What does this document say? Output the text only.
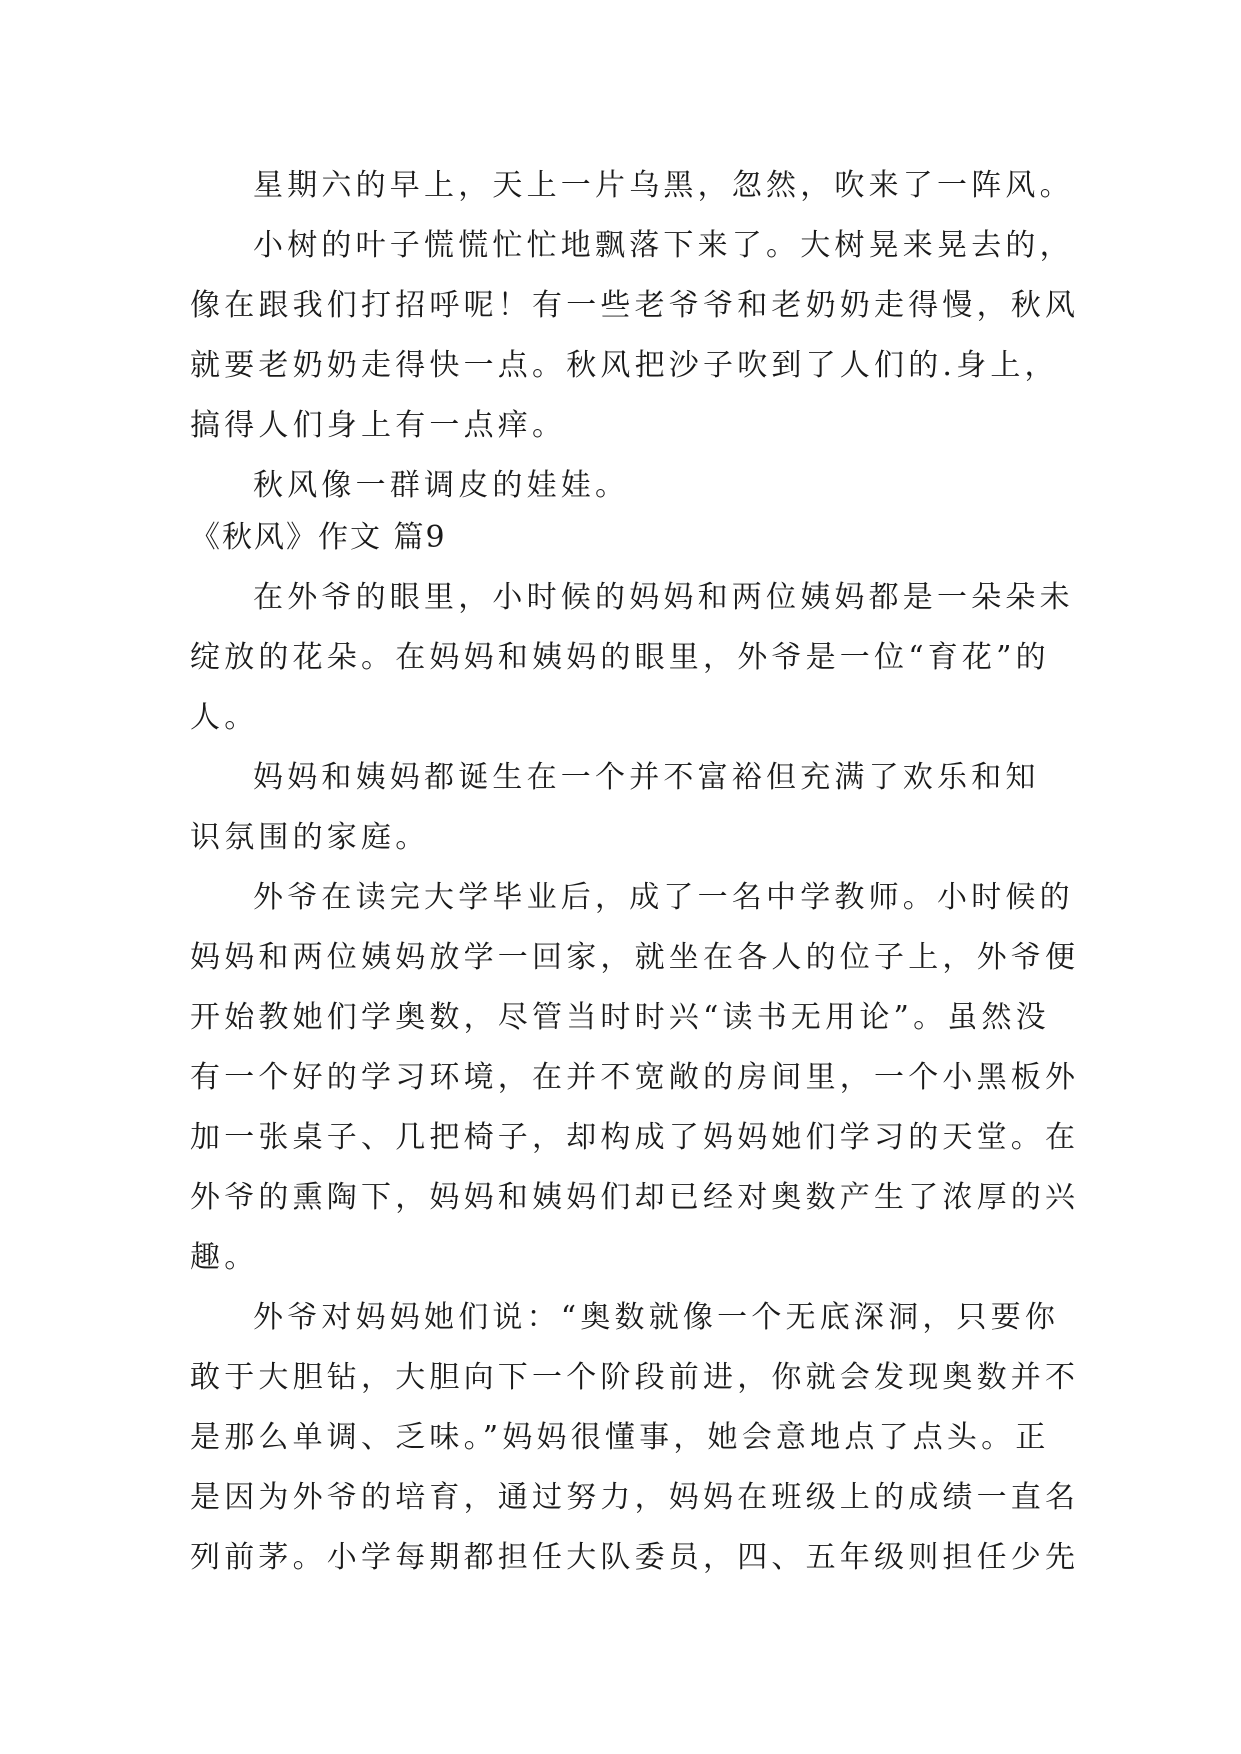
星期六的早上，天上一片乌黑，忽然，吹来了一阵风。
小树的叶子慌慌忙忙地飘落下来了。大树晃来晃去的，
像在跟我们打招呼呢！有一些老爷爷和老奶奶走得慢，秋风
就要老奶奶走得快一点。秋风把沙子吹到了人们的.身上，
搞得人们身上有一点痒。
秋风像一群调皮的娃娃。
《秋风》作文 篇9
在外爷的眼里，小时候的妈妈和两位姨妈都是一朵朵未
绽放的花朵。在妈妈和姨妈的眼里，外爷是一位“育花”的
人。
妈妈和姨妈都诞生在一个并不富裕但充满了欢乐和知
识氛围的家庭。
外爷在读完大学毕业后，成了一名中学教师。小时候的
妈妈和两位姨妈放学一回家，就坐在各人的位子上，外爷便
开始教她们学奥数，尽管当时时兴“读书无用论”。虽然没
有一个好的学习环境，在并不宽敞的房间里，一个小黑板外
加一张桌子、几把椅子，却构成了妈妈她们学习的天堂。在
外爷的熏陶下，妈妈和姨妈们却已经对奥数产生了浓厚的兴
趣。
外爷对妈妈她们说：“奥数就像一个无底深洞，只要你
敢于大胆钻，大胆向下一个阶段前进，你就会发现奥数并不
是那么单调、乏味。”妈妈很懂事，她会意地点了点头。正
是因为外爷的培育，通过努力，妈妈在班级上的成绩一直名
列前茅。小学每期都担任大队委员，四、五年级则担任少先
